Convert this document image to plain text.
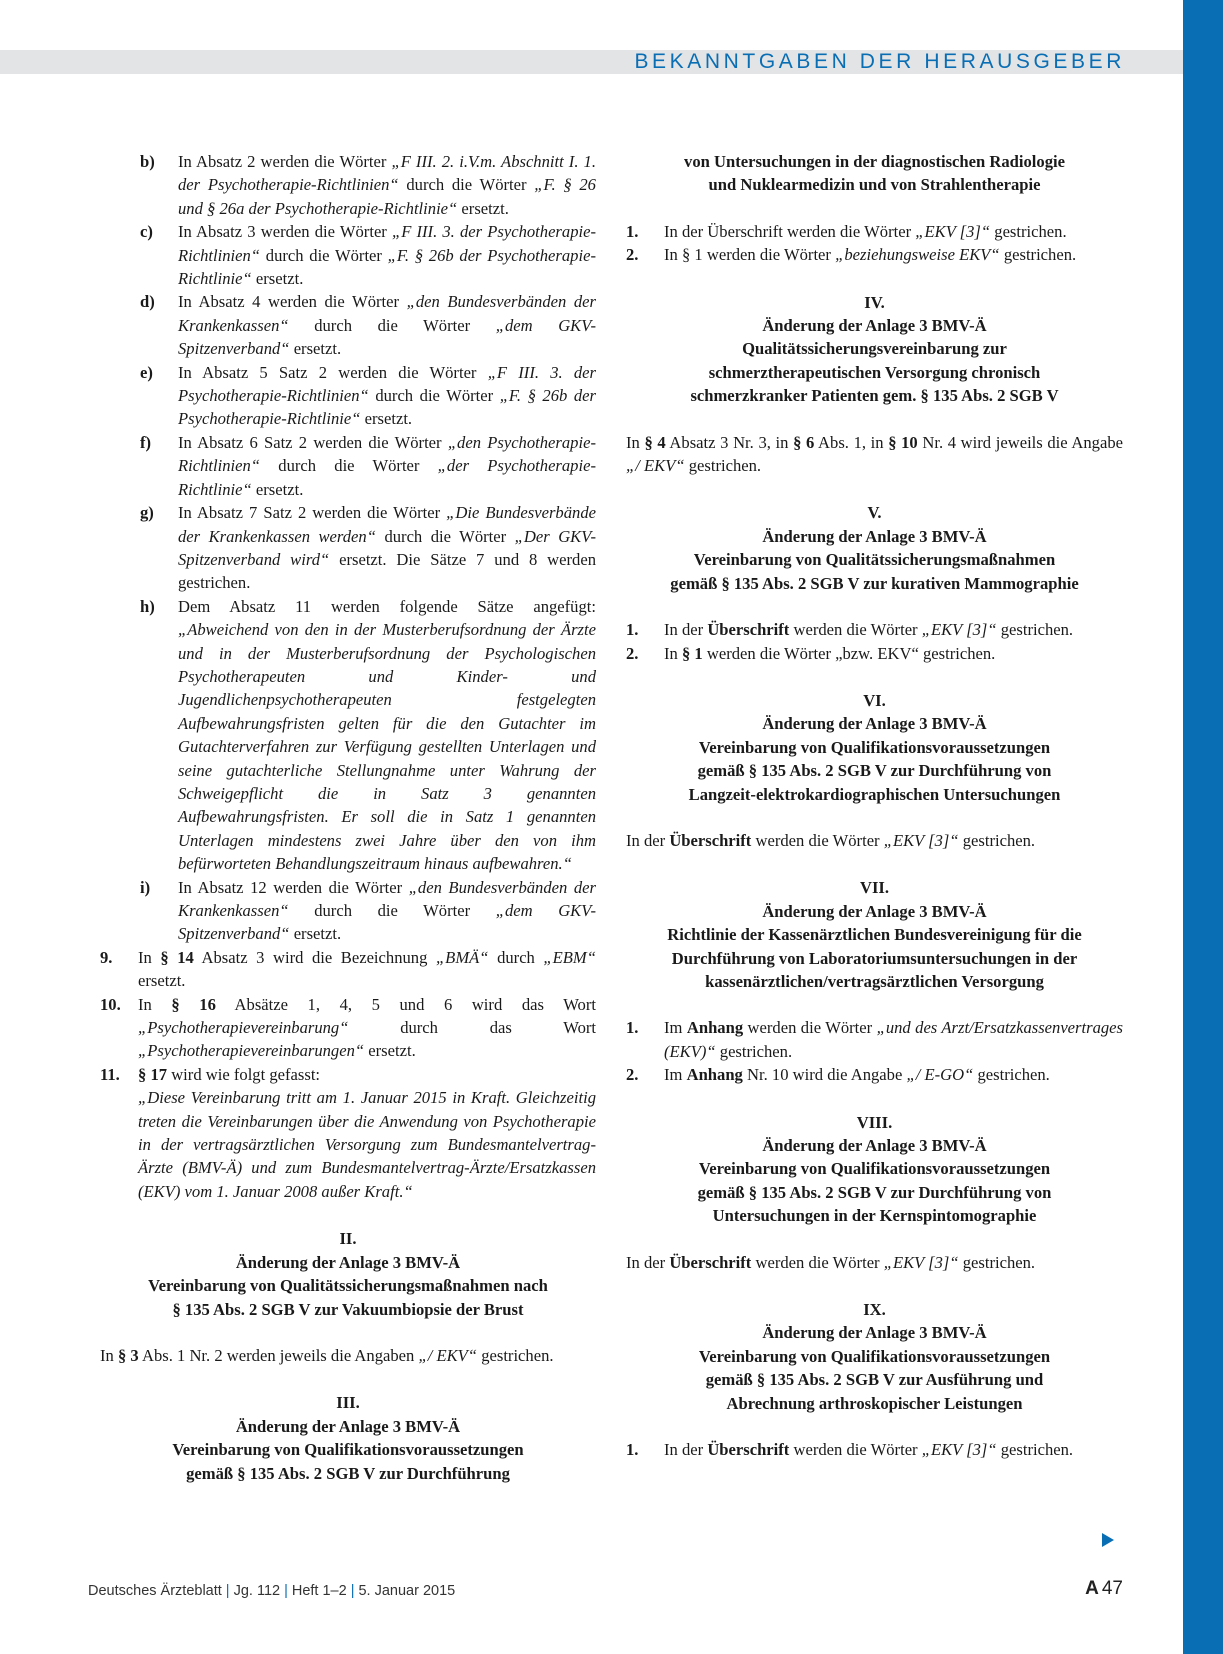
BEKANNTGABEN DER HERAUSGEBER
b)	In Absatz 2 werden die Wörter „F III. 2. i.V.m. Abschnitt I. 1. der Psychotherapie-Richtlinien“ durch die Wörter „F. § 26 und § 26a der Psychotherapie-Richtlinie“ ersetzt.
c)	In Absatz 3 werden die Wörter „F III. 3. der Psychotherapie-Richtlinien“ durch die Wörter „F. § 26b der Psychotherapie-Richtlinie“ ersetzt.
d)	In Absatz 4 werden die Wörter „den Bundesverbänden der Krankenkassen“ durch die Wörter „dem GKV-Spitzenverband“ ersetzt.
e)	In Absatz 5 Satz 2 werden die Wörter „F III. 3. der Psychotherapie-Richtlinien“ durch die Wörter „F. § 26b der Psychotherapie-Richtlinie“ ersetzt.
f)	In Absatz 6 Satz 2 werden die Wörter „den Psychotherapie-Richtlinien“ durch die Wörter „der Psychotherapie-Richtlinie“ ersetzt.
g)	In Absatz 7 Satz 2 werden die Wörter „Die Bundesverbände der Krankenkassen werden“ durch die Wörter „Der GKV-Spitzenverband wird“ ersetzt. Die Sätze 7 und 8 werden gestrichen.
h)	Dem Absatz 11 werden folgende Sätze angefügt: „Abweichend von den in der Musterberufsordnung der Ärzte und in der Musterberufsordnung der Psychologischen Psychotherapeuten und Kinder- und Jugendlichenpsychotherapeuten festgelegten Aufbewahrungsfristen gelten für die den Gutachter im Gutachterverfahren zur Verfügung gestellten Unterlagen und seine gutachterliche Stellungnahme unter Wahrung der Schweigepflicht die in Satz 3 genannten Aufbewahrungsfristen. Er soll die in Satz 1 genannten Unterlagen mindestens zwei Jahre über den von ihm befürworteten Behandlungszeitraum hinaus aufbewahren.“
i)	In Absatz 12 werden die Wörter „den Bundesverbänden der Krankenkassen“ durch die Wörter „dem GKV-Spitzenverband“ ersetzt.
9.	In § 14 Absatz 3 wird die Bezeichnung „BMÄ“ durch „EBM“ ersetzt.
10.	In § 16 Absätze 1, 4, 5 und 6 wird das Wort „Psychotherapievereinbarung“ durch das Wort „Psychotherapievereinbarungen“ ersetzt.
11.	§ 17 wird wie folgt gefasst:
„Diese Vereinbarung tritt am 1. Januar 2015 in Kraft. Gleichzeitig treten die Vereinbarungen über die Anwendung von Psychotherapie in der vertragsärztlichen Versorgung zum Bundesmantelvertrag-Ärzte (BMV-Ä) und zum Bundesmantelvertrag-Ärzte/Ersatzkassen (EKV) vom 1. Januar 2008 außer Kraft.“
II.
Änderung der Anlage 3 BMV-Ä
Vereinbarung von Qualitätssicherungsmaßnahmen nach
§ 135 Abs. 2 SGB V zur Vakuumbiopsie der Brust

In § 3 Abs. 1 Nr. 2 werden jeweils die Angaben „/ EKV“ gestrichen.

III.
Änderung der Anlage 3 BMV-Ä
Vereinbarung von Qualifikationsvoraussetzungen
gemäß § 135 Abs. 2 SGB V zur Durchführung
von Untersuchungen in der diagnostischen Radiologie
und Nuklearmedizin und von Strahlentherapie
1.	In der Überschrift werden die Wörter „EKV [3]“ gestrichen.
2.	In § 1 werden die Wörter „beziehungsweise EKV“ gestrichen.
IV.
Änderung der Anlage 3 BMV-Ä
Qualitätssicherungsvereinbarung zur
schmerztherapeutischen Versorgung chronisch
schmerzkranker Patienten gem. § 135 Abs. 2 SGB V

In § 4 Absatz 3 Nr. 3, in § 6 Abs. 1, in § 10 Nr. 4 wird jeweils die Angabe „/ EKV“ gestrichen.

V.
Änderung der Anlage 3 BMV-Ä
Vereinbarung von Qualitätssicherungsmaßnahmen
gemäß § 135 Abs. 2 SGB V zur kurativen Mammographie
1.	In der Überschrift werden die Wörter „EKV [3]“ gestrichen.
2.	In § 1 werden die Wörter „bzw. EKV“ gestrichen.
VI.
Änderung der Anlage 3 BMV-Ä
Vereinbarung von Qualifikationsvoraussetzungen
gemäß § 135 Abs. 2 SGB V zur Durchführung von
Langzeit-elektrokardiographischen Untersuchungen

In der Überschrift werden die Wörter „EKV [3]“ gestrichen.

VII.
Änderung der Anlage 3 BMV-Ä
Richtlinie der Kassenärztlichen Bundesvereinigung für die
Durchführung von Laboratoriumsuntersuchungen in der
kassenärztlichen/vertragsärztlichen Versorgung
1.	Im Anhang werden die Wörter „und des Arzt/Ersatzkassenvertrages (EKV)“ gestrichen.
2.	Im Anhang Nr. 10 wird die Angabe „/ E-GO“ gestrichen.
VIII.
Änderung der Anlage 3 BMV-Ä
Vereinbarung von Qualifikationsvoraussetzungen
gemäß § 135 Abs. 2 SGB V zur Durchführung von
Untersuchungen in der Kernspintomographie

In der Überschrift werden die Wörter „EKV [3]“ gestrichen.

IX.
Änderung der Anlage 3 BMV-Ä
Vereinbarung von Qualifikationsvoraussetzungen
gemäß § 135 Abs. 2 SGB V zur Ausführung und
Abrechnung arthroskopischer Leistungen
1.	In der Überschrift werden die Wörter „EKV [3]“ gestrichen.
Deutsches Ärzteblatt | Jg. 112 | Heft 1–2 | 5. Januar 2015	A 47
